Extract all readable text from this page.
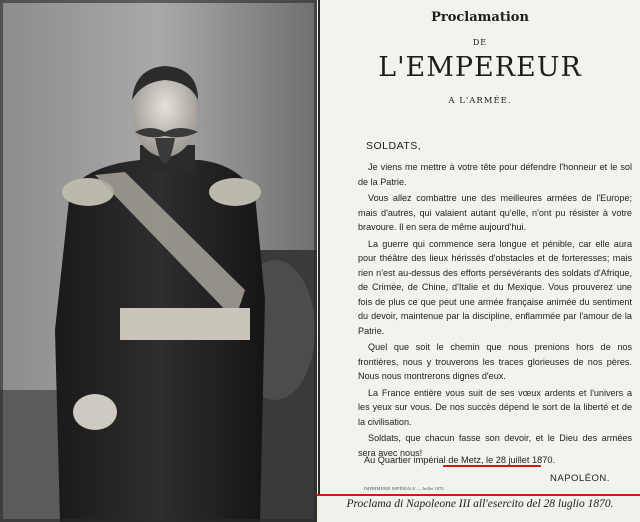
Proclamation

DE

L'EMPEREUR

A L'ARMÉE.

SOLDATS,

Je viens me mettre à votre tête pour défendre l'honneur et le sol de la Patrie.

Vous allez combattre une des meilleures armées de l'Europe; mais d'autres, qui valaient autant qu'elle, n'ont pu résister à votre bravoure. Il en sera de même aujourd'hui.

La guerre qui commence sera longue et pénible, car elle aura pour théâtre des lieux hérissés d'obstacles et de forteresses; mais rien n'est au-dessus des efforts persévérants des soldats d'Afrique, de Crimée, de Chine, d'Italie et du Mexique. Vous prouverez une fois de plus ce que peut une armée française animée du sentiment du devoir, maintenue par la discipline, enflammée par l'amour de la Patrie.

Quel que soit le chemin que nous prenions hors de nos frontières, nous y trouverons les traces glorieuses de nos pères. Nous nous montrerons dignes d'eux.

La France entière vous suit de ses vœux ardents et l'univers a les yeux sur vous. De nos succès dépend le sort de la liberté et de la civilisation.

Soldats, que chacun fasse son devoir, et le Dieu des armées sera avec nous!

Au Quartier impérial de Metz, le 28 juillet 1870.

NAPOLÉON.

IMPRIMERIE IMPÉRIALE — Juillet 1870.

Proclama di Napoleone III all'esercito del 28 luglio 1870.
